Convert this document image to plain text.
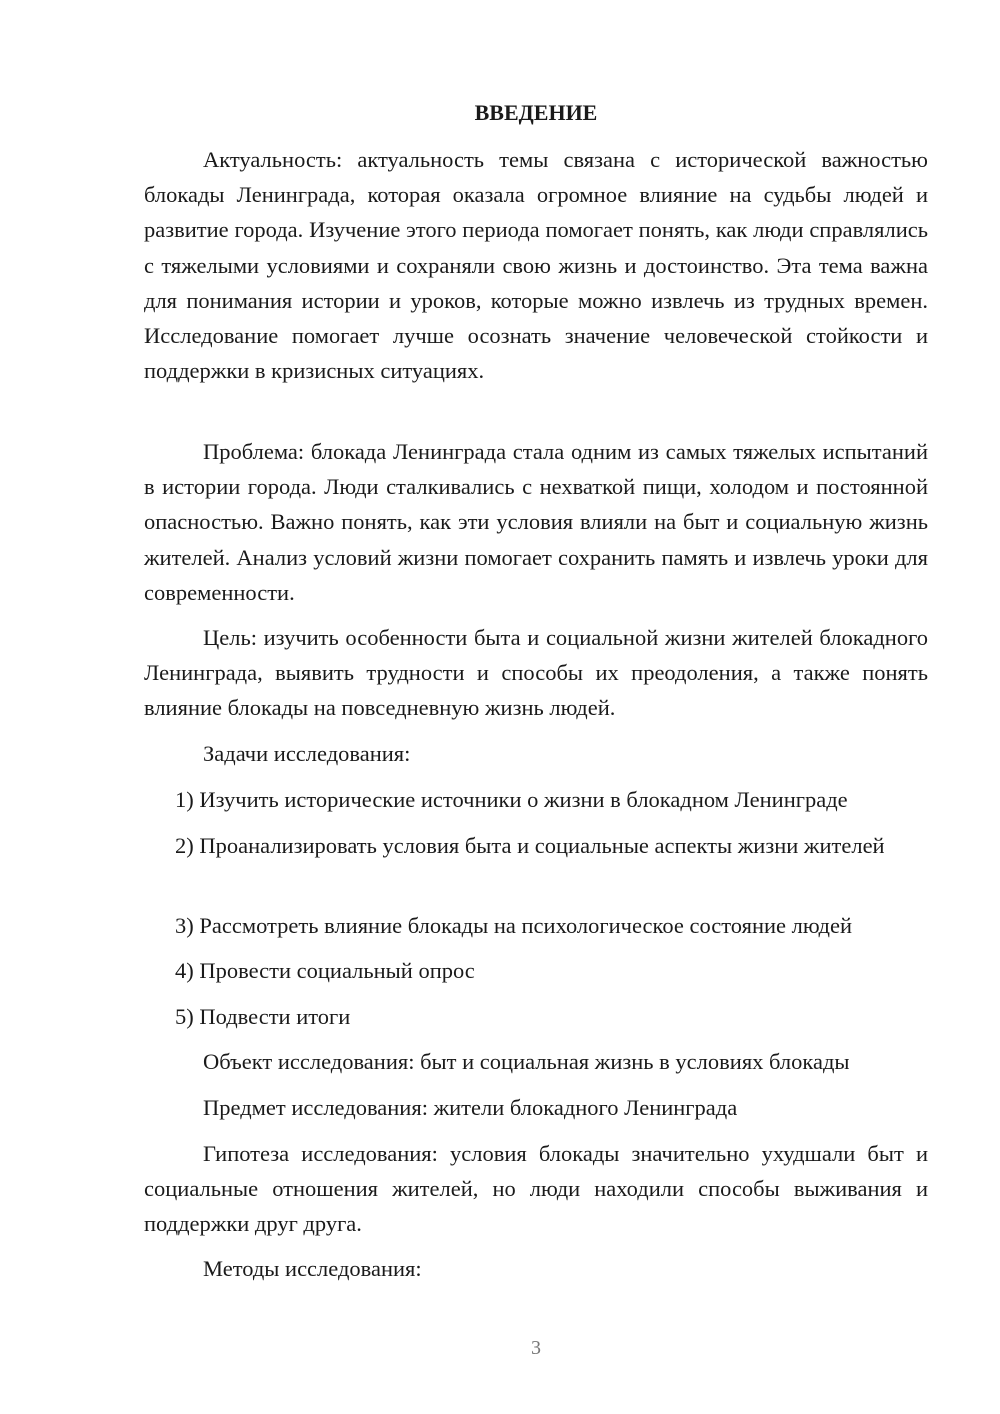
ВВЕДЕНИЕ

Актуальность: актуальность темы связана с исторической важностью блокады Ленинграда, которая оказала огромное влияние на судьбы людей и развитие города. Изучение этого периода помогает понять, как люди справлялись с тяжелыми условиями и сохраняли свою жизнь и достоинство. Эта тема важна для понимания истории и уроков, которые можно извлечь из трудных времен. Исследование помогает лучше осознать значение человеческой стойкости и поддержки в кризисных ситуациях.

Проблема: блокада Ленинграда стала одним из самых тяжелых испытаний в истории города. Люди сталкивались с нехваткой пищи, холодом и постоянной опасностью. Важно понять, как эти условия влияли на быт и социальную жизнь жителей. Анализ условий жизни помогает сохранить память и извлечь уроки для современности.

Цель: изучить особенности быта и социальной жизни жителей блокадного Ленинграда, выявить трудности и способы их преодоления, а также понять влияние блокады на повседневную жизнь людей.

Задачи исследования:

1) Изучить исторические источники о жизни в блокадном Ленинграде

2) Проанализировать условия быта и социальные аспекты жизни жителей

3) Рассмотреть влияние блокады на психологическое состояние людей

4) Провести социальный опрос

5) Подвести итоги

Объект исследования: быт и социальная жизнь в условиях блокады

Предмет исследования: жители блокадного Ленинграда

Гипотеза исследования: условия блокады значительно ухудшали быт и социальные отношения жителей, но люди находили способы выживания и поддержки друг друга.

Методы исследования:

3
